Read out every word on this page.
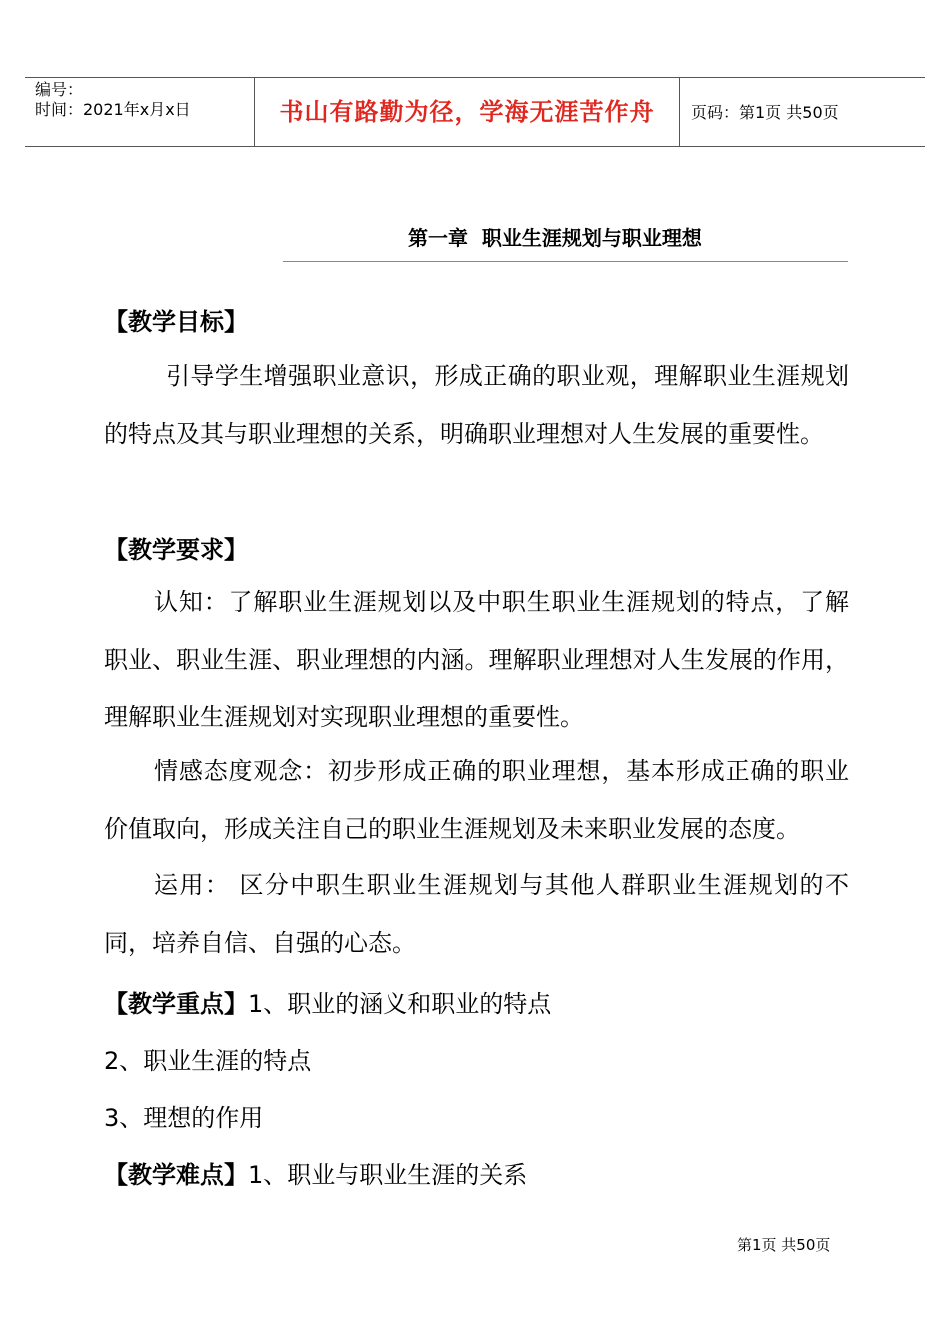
编号：
时间：2021年x月x日	书山有路勤为径，学海无涯苦作舟	页码：第1页 共50页
第一章  职业生涯规划与职业理想
【教学目标】
引导学生增强职业意识，形成正确的职业观，理解职业生涯规划的特点及其与职业理想的关系，明确职业理想对人生发展的重要性。
【教学要求】
认知：了解职业生涯规划以及中职生职业生涯规划的特点，了解职业、职业生涯、职业理想的内涵。理解职业理想对人生发展的作用，理解职业生涯规划对实现职业理想的重要性。
情感态度观念：初步形成正确的职业理想，基本形成正确的职业价值取向，形成关注自己的职业生涯规划及未来职业发展的态度。
运用： 区分中职生职业生涯规划与其他人群职业生涯规划的不同，培养自信、自强的心态。
【教学重点】1、职业的涵义和职业的特点
2、职业生涯的特点
3、理想的作用
【教学难点】1、职业与职业生涯的关系
第1页 共50页
